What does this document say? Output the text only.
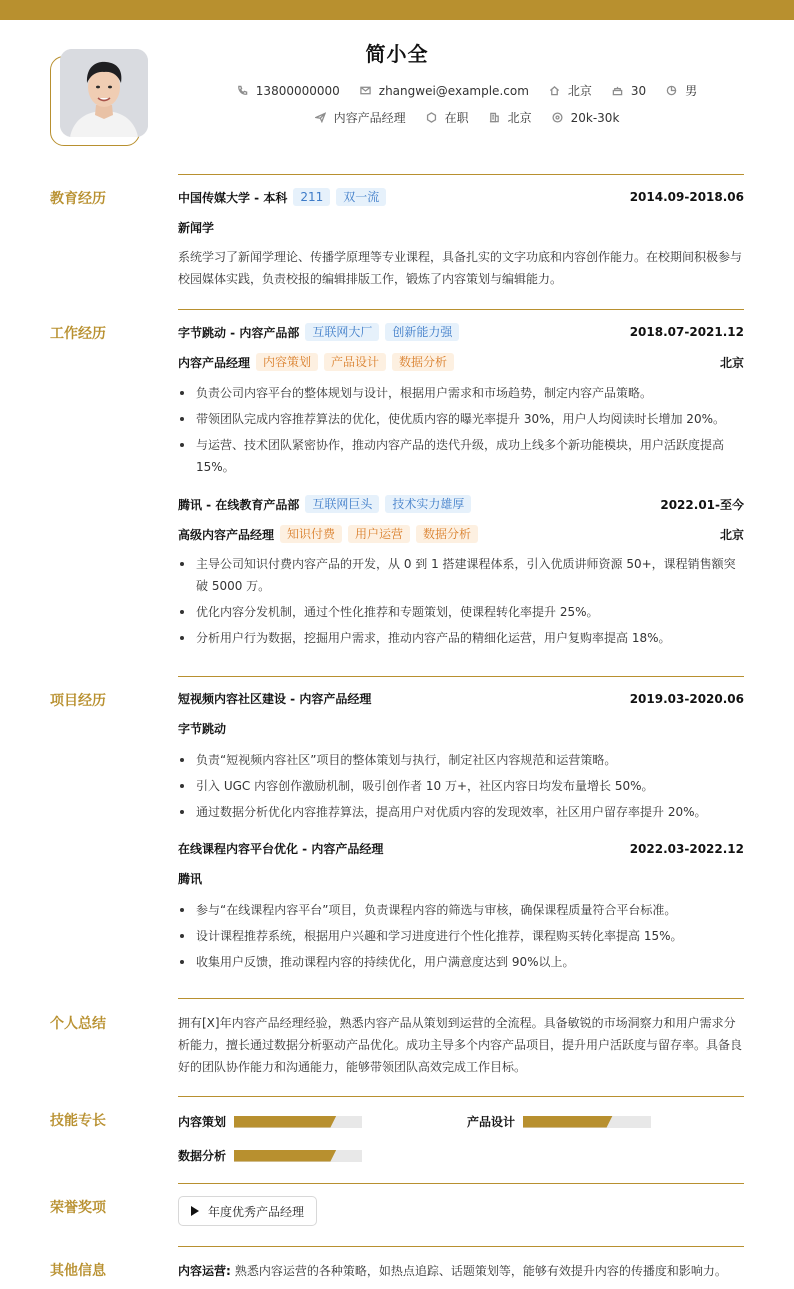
简小全
13800000000	zhangwei@example.com	北京	30	男
内容产品经理	在职	北京	20k-30k
教育经历	中国传媒大学 - 本科	211	双一流	2014.09-2018.06
新闻学
系统学习了新闻学理论、传播学原理等专业课程，具备扎实的文字功底和内容创作能力。在校期间积极参与校园媒体实践，负责校报的编辑排版工作，锻炼了内容策划与编辑能力。
工作经历	字节跳动 - 内容产品部	互联网大厂	创新能力强	2018.07-2021.12
内容产品经理	内容策划	产品设计	数据分析	北京
负责公司内容平台的整体规划与设计，根据用户需求和市场趋势，制定内容产品策略。
带领团队完成内容推荐算法的优化，使优质内容的曝光率提升 30%，用户人均阅读时长增加 20%。
与运营、技术团队紧密协作，推动内容产品的迭代升级，成功上线多个新功能模块，用户活跃度提高 15%。
腾讯 - 在线教育产品部	互联网巨头	技术实力雄厚	2022.01-至今
高级内容产品经理	知识付费	用户运营	数据分析	北京
主导公司知识付费内容产品的开发，从 0 到 1 搭建课程体系，引入优质讲师资源 50+，课程销售额突破 5000 万。
优化内容分发机制，通过个性化推荐和专题策划，使课程转化率提升 25%。
分析用户行为数据，挖掘用户需求，推动内容产品的精细化运营，用户复购率提高 18%。
项目经历	短视频内容社区建设 - 内容产品经理	2019.03-2020.06
字节跳动
负责“短视频内容社区”项目的整体策划与执行，制定社区内容规范和运营策略。
引入 UGC 内容创作激励机制，吸引创作者 10 万+，社区内容日均发布量增长 50%。
通过数据分析优化内容推荐算法，提高用户对优质内容的发现效率，社区用户留存率提升 20%。
在线课程内容平台优化 - 内容产品经理	2022.03-2022.12
腾讯
参与“在线课程内容平台”项目，负责课程内容的筛选与审核，确保课程质量符合平台标准。
设计课程推荐系统，根据用户兴趣和学习进度进行个性化推荐，课程购买转化率提高 15%。
收集用户反馈，推动课程内容的持续优化，用户满意度达到 90%以上。
个人总结	拥有[X]年内容产品经理经验，熟悉内容产品从策划到运营的全流程。具备敏锐的市场洞察力和用户需求分析能力，擅长通过数据分析驱动产品优化。成功主导多个内容产品项目，提升用户活跃度与留存率。具备良好的团队协作能力和沟通能力，能够带领团队高效完成工作目标。
技能专长	内容策划	产品设计
数据分析
荣誉奖项	年度优秀产品经理
其他信息	内容运营: 熟悉内容运营的各种策略，如热点追踪、话题策划等，能够有效提升内容的传播度和影响力。
